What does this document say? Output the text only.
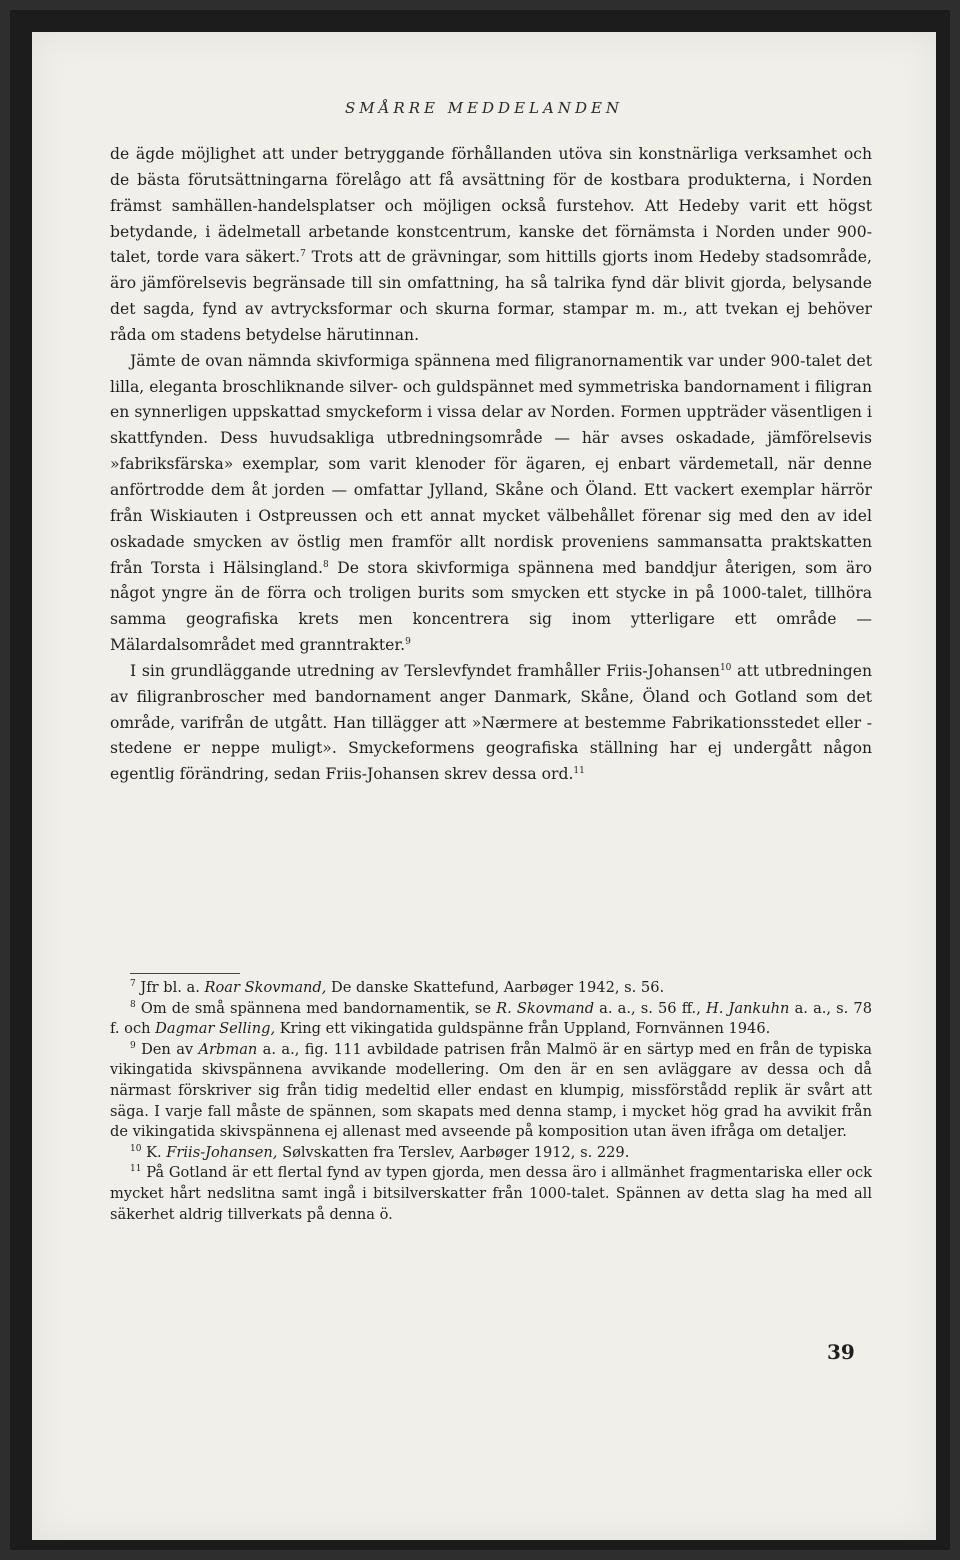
SMÅRRE MEDDELANDEN

de ägde möjlighet att under betryggande förhållanden utöva sin konstnärliga verksamhet och de bästa förutsättningarna förelågo att få avsättning för de kostbara produkterna, i Norden främst samhällen-handelsplatser och möjligen också furstehov. Att Hedeby varit ett högst betydande, i ädelmetall arbetande konstcentrum, kanske det förnämsta i Norden under 900-talet, torde vara säkert.$^7$ Trots att de grävningar, som hittills gjorts inom Hedeby stadsområde, äro jämförelsevis begränsade till sin omfattning, ha så talrika fynd där blivit gjorda, belysande det sagda, fynd av avtrycksformar och skurna formar, stampar m. m., att tvekan ej behöver råda om stadens betydelse härutinnan.

Jämte de ovan nämnda skivformiga spännena med filigranornamentik var under 900-talet det lilla, eleganta broschliknande silver- och guldspännet med symmetriska bandornament i filigran en synnerligen uppskattad smyckeform i vissa delar av Norden. Formen uppträder väsentligen i skattfynden. Dess huvudsakliga utbredningsområde — här avses oskadade, jämförelsevis »fabriksfärska» exemplar, som varit klenoder för ägaren, ej enbart värdemetall, när denne anförtrodde dem åt jorden — omfattar Jylland, Skåne och Öland. Ett vackert exemplar härrör från Wiskiauten i Ostpreussen och ett annat mycket välbehållet förenar sig med den av idel oskadade smycken av östlig men framför allt nordisk proveniens sammansatta praktskatten från Torsta i Hälsingland.$^8$ De stora skivformiga spännena med banddjur återigen, som äro något yngre än de förra och troligen burits som smycken ett stycke in på 1000-talet, tillhöra samma geografiska krets men koncentrera sig inom ytterligare ett område — Mälardalsområdet med granntrakter.$^9$

I sin grundläggande utredning av Terslevfyndet framhåller Friis-Johansen$^{10}$ att utbredningen av filigranbroscher med bandornament anger Danmark, Skåne, Öland och Gotland som det område, varifrån de utgått. Han tillägger att »Nærmere at bestemme Fabrikationsstedet eller -stedene er neppe muligt». Smyckeformens geografiska ställning har ej undergått någon egentlig förändring, sedan Friis-Johansen skrev dessa ord.$^{11}$

$^7$ Jfr bl. a. Roar Skovmand, De danske Skattefund, Aarbøger 1942, s. 56.

$^8$ Om de små spännena med bandornamentik, se R. Skovmand a. a., s. 56 ff., H. Jankuhn a. a., s. 78 f. och Dagmar Selling, Kring ett vikingatida guldspänne från Uppland, Fornvännen 1946.

$^9$ Den av Arbman a. a., fig. 111 avbildade patrisen från Malmö är en särtyp med en från de typiska vikingatida skivspännena avvikande modellering. Om den är en sen avläggare av dessa och då närmast förskriver sig från tidig medeltid eller endast en klumpig, missförstådd replik är svårt att säga. I varje fall måste de spännen, som skapats med denna stamp, i mycket hög grad ha avvikit från de vikingatida skivspännena ej allenast med avseende på komposition utan även ifråga om detaljer.

$^{10}$ K. Friis-Johansen, Sølvskatten fra Terslev, Aarbøger 1912, s. 229.

$^{11}$ På Gotland är ett flertal fynd av typen gjorda, men dessa äro i allmänhet fragmentariska eller ock mycket hårt nedslitna samt ingå i bitsilverskatter från 1000-talet. Spännen av detta slag ha med all säkerhet aldrig tillverkats på denna ö.

39
